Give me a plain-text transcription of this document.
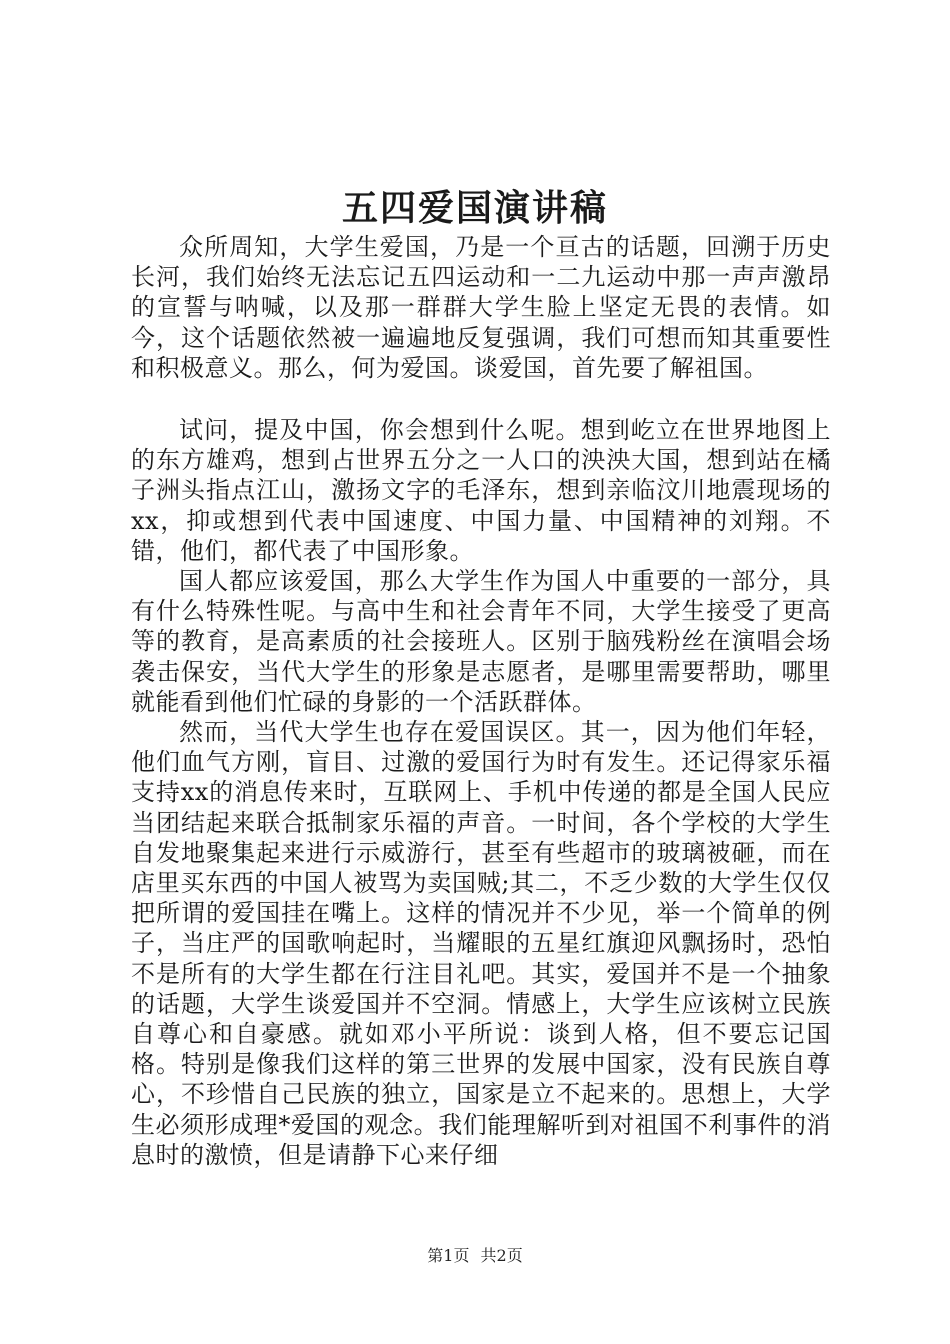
五四爱国演讲稿

众所周知，大学生爱国，乃是一个亘古的话题，回溯于历史长河，我们始终无法忘记五四运动和一二九运动中那一声声激昂的宣誓与呐喊，以及那一群群大学生脸上坚定无畏的表情。如今，这个话题依然被一遍遍地反复强调，我们可想而知其重要性和积极意义。那么，何为爱国。谈爱国，首先要了解祖国。

试问，提及中国，你会想到什么呢。想到屹立在世界地图上的东方雄鸡，想到占世界五分之一人口的泱泱大国，想到站在橘子洲头指点江山，激扬文字的毛泽东，想到亲临汶川地震现场的xx，抑或想到代表中国速度、中国力量、中国精神的刘翔。不错，他们，都代表了中国形象。

国人都应该爱国，那么大学生作为国人中重要的一部分，具有什么特殊性呢。与高中生和社会青年不同，大学生接受了更高等的教育，是高素质的社会接班人。区别于脑残粉丝在演唱会场袭击保安，当代大学生的形象是志愿者，是哪里需要帮助，哪里就能看到他们忙碌的身影的一个活跃群体。

然而，当代大学生也存在爱国误区。其一，因为他们年轻，他们血气方刚，盲目、过激的爱国行为时有发生。还记得家乐福支持xx的消息传来时，互联网上、手机中传递的都是全国人民应当团结起来联合抵制家乐福的声音。一时间，各个学校的大学生自发地聚集起来进行示威游行，甚至有些超市的玻璃被砸，而在店里买东西的中国人被骂为卖国贼;其二，不乏少数的大学生仅仅把所谓的爱国挂在嘴上。这样的情况并不少见，举一个简单的例子，当庄严的国歌响起时，当耀眼的五星红旗迎风飘扬时，恐怕不是所有的大学生都在行注目礼吧。其实，爱国并不是一个抽象的话题，大学生谈爱国并不空洞。情感上，大学生应该树立民族自尊心和自豪感。就如邓小平所说：谈到人格，但不要忘记国格。特别是像我们这样的第三世界的发展中国家，没有民族自尊心，不珍惜自己民族的独立，国家是立不起来的。思想上，大学生必须形成理*爱国的观念。我们能理解听到对祖国不利事件的消息时的激愤，但是请静下心来仔细

第1页 共2页
